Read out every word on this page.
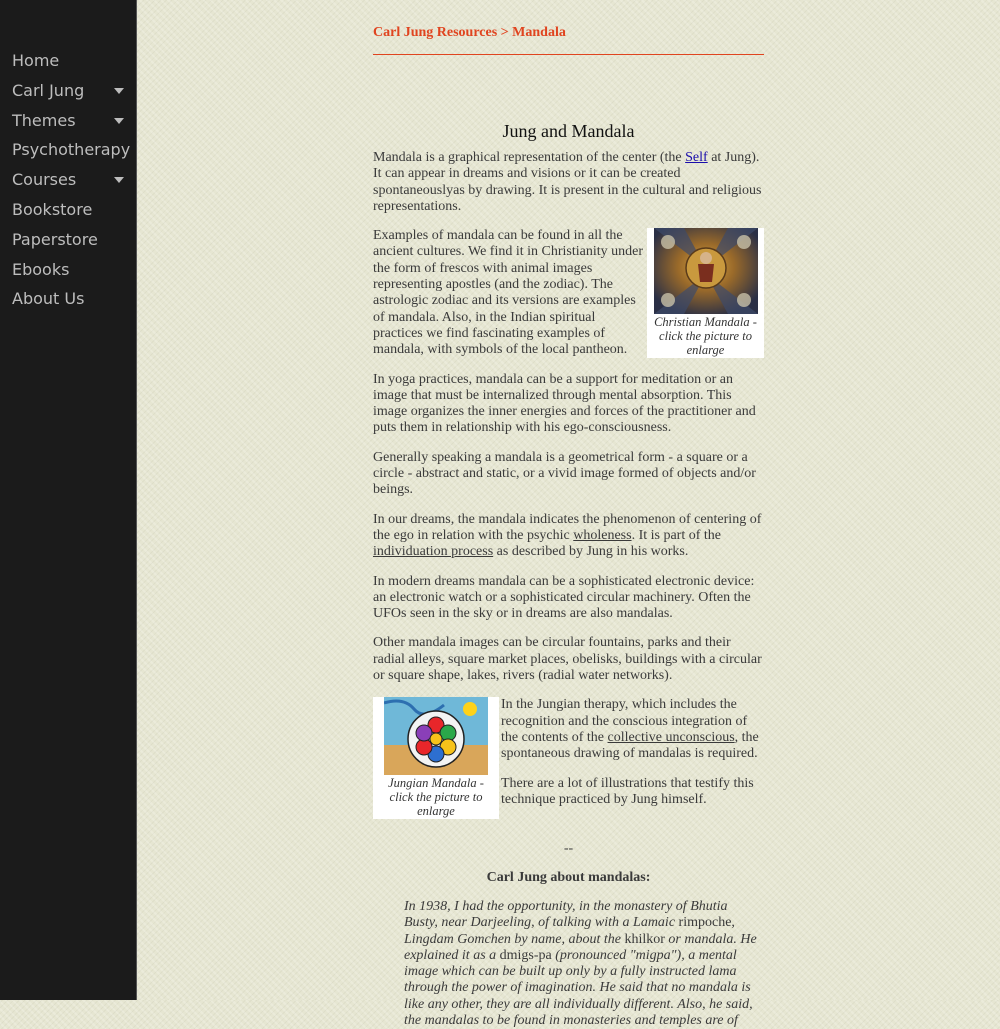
Home
Carl Jung
Themes
Psychotherapy
Courses
Bookstore
Paperstore
Ebooks
About Us
Carl Jung Resources > Mandala
Jung and Mandala

Mandala is a graphical representation of the center (the Self at Jung). It can appear in dreams and visions or it can be created spontaneouslyas by drawing. It is present in the cultural and religious representations.

Christian Mandala - click the picture to enlarge

Examples of mandala can be found in all the ancient cultures. We find it in Christianity under the form of frescos with animal images representing apostles (and the zodiac). The astrologic zodiac and its versions are examples of mandala. Also, in the Indian spiritual practices we find fascinating examples of mandala, with symbols of the local pantheon.

In yoga practices, mandala can be a support for meditation or an image that must be internalized through mental absorption. This image organizes the inner energies and forces of the practitioner and puts them in relationship with his ego-consciousness.

Generally speaking a mandala is a geometrical form - a square or a circle - abstract and static, or a vivid image formed of objects and/or beings.

In our dreams, the mandala indicates the phenomenon of centering of the ego in relation with the psychic wholeness. It is part of the individuation process as described by Jung in his works.

In modern dreams mandala can be a sophisticated electronic device: an electronic watch or a sophisticated circular machinery. Often the UFOs seen in the sky or in dreams are also mandalas.

Other mandala images can be circular fountains, parks and their radial alleys, square market places, obelisks, buildings with a circular or square shape, lakes, rivers (radial water networks).

Jungian Mandala - click the picture to enlarge

In the Jungian therapy, which includes the recognition and the conscious integration of the contents of the collective unconscious, the spontaneous drawing of mandalas is required.

There are a lot of illustrations that testify this technique practiced by Jung himself.

--
Carl Jung about mandalas:
In 1938, I had the opportunity, in the monastery of Bhutia Busty, near Darjeeling, of talking with a Lamaic rimpoche, Lingdam Gomchen by name, about the khilkor or mandala. He explained it as a dmigs-pa (pronounced "migpa"), a mental image which can be built up only by a fully instructed lama through the power of imagination. He said that no mandala is like any other, they are all individually different. Also, he said, the mandalas to be found in monasteries and temples are of
